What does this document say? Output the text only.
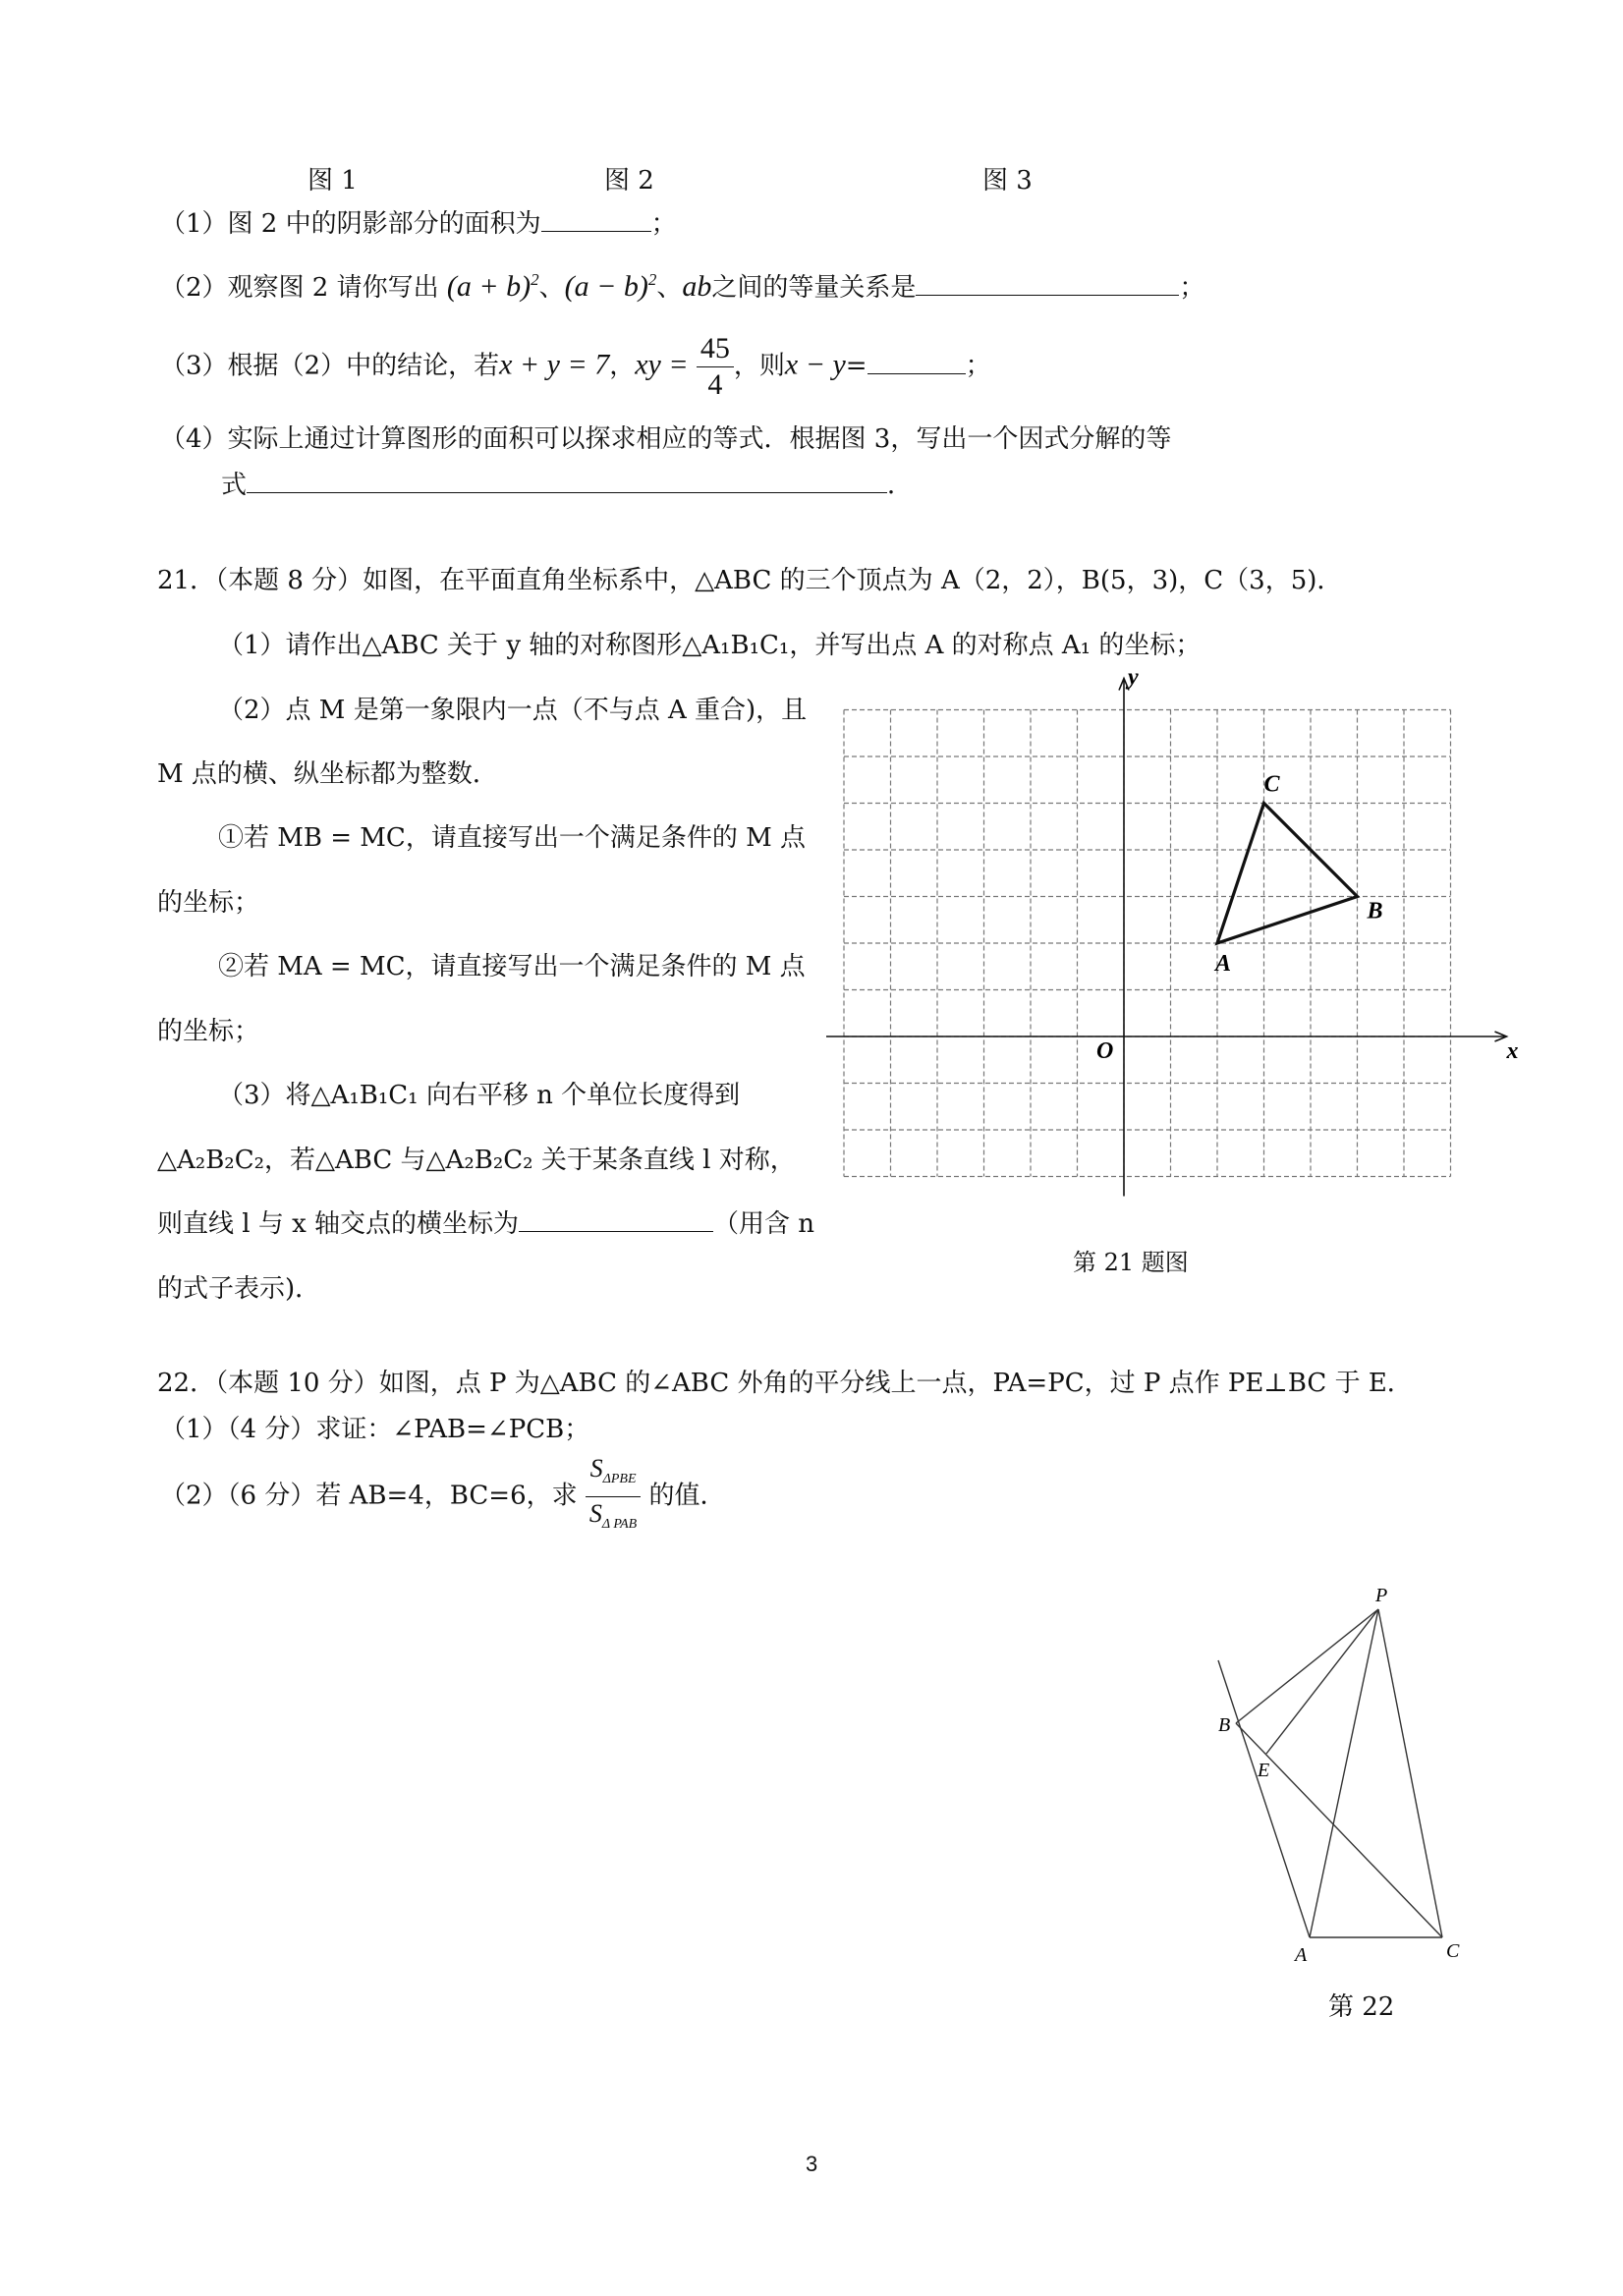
图 1	图 2	图 3
（1）图 2 中的阴影部分的面积为	；
（2）观察图 2 请你写出 $(a + b)^2$、$(a - b)^2$、ab之间的等量关系是	；
（3）根据（2）中的结论，若x + y = 7，xy = $\frac{45}{4}$ ，则x − y=	；
（4）实际上通过计算图形的面积可以探求相应的等式．根据图 3，写出一个因式分解的等
式	．
21．（本题 8 分）如图，在平面直角坐标系中，△ABC 的三个顶点为 A（2，2），B(5，3)，C（3，5)．
（1）请作出△ABC 关于 y 轴的对称图形△A₁B₁C₁，并写出点 A 的对称点 A₁ 的坐标；
（2）点 M 是第一象限内一点（不与点 A 重合)，且
M 点的横、纵坐标都为整数．
①若 MB = MC，请直接写出一个满足条件的 M 点
的坐标；
②若 MA = MC，请直接写出一个满足条件的 M 点
的坐标；
（3）将△A₁B₁C₁ 向右平移 n 个单位长度得到
△A₂B₂C₂，若△ABC 与△A₂B₂C₂ 关于某条直线 l 对称，
则直线 l 与 x 轴交点的横坐标为	（用含 n
的式子表示)．
x
y
O
A
B
C
第 21 题图
22．（本题 10 分）如图，点 P 为△ABC 的∠ABC 外角的平分线上一点，PA=PC，过 P 点作 PE⊥BC 于 E．
（1）（4 分）求证：∠PAB=∠PCB；
（2）（6 分）若 AB=4，BC=6，求 $\frac{S_{\Delta PBE}}{S_{\Delta PAB}}$ 的值．
P
B
E
A	C
第 22
3
